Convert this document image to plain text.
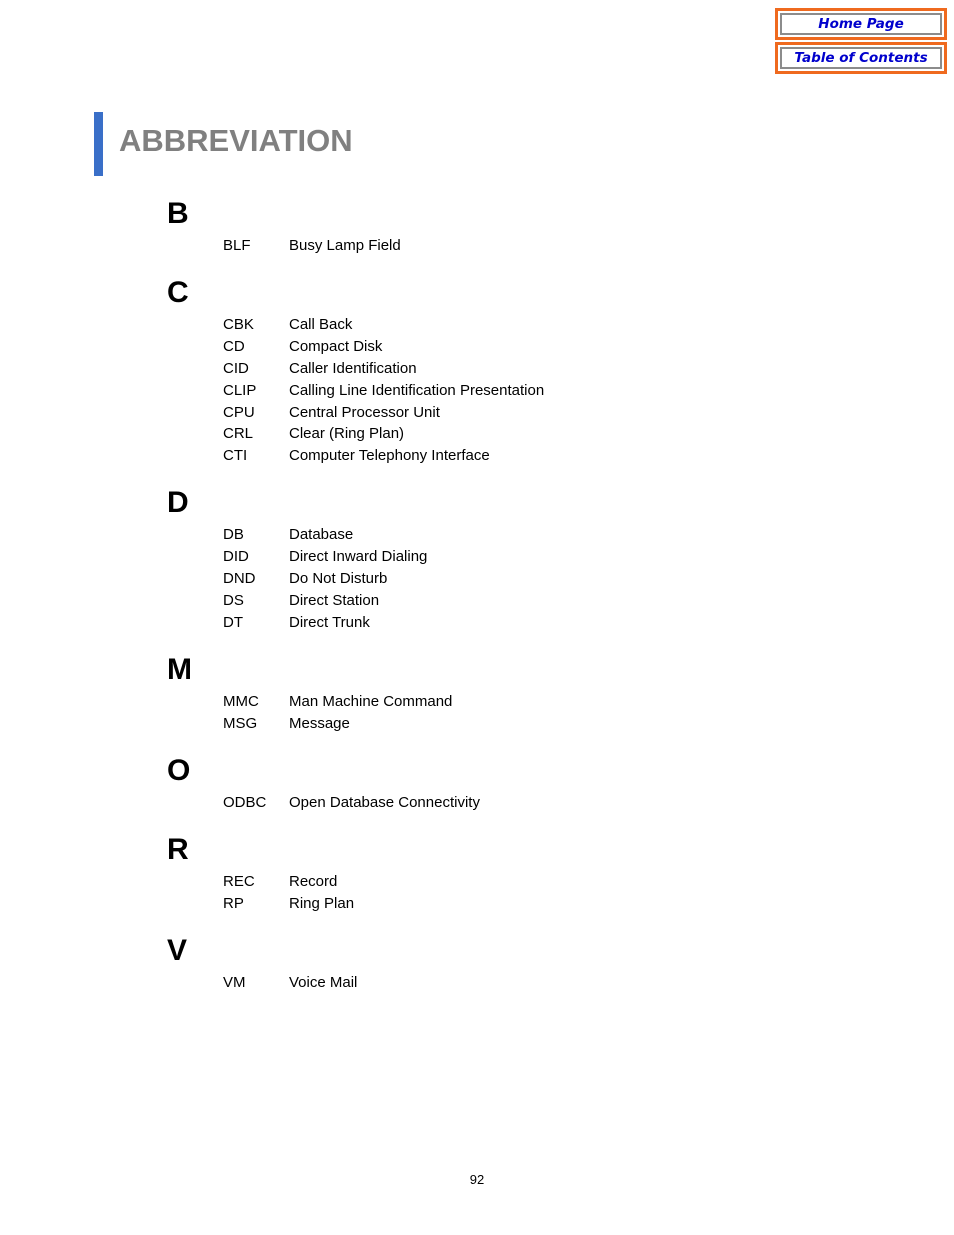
Home Page
Table of Contents
ABBREVIATION
B
BLF	Busy Lamp Field
C
CBK Call Back
CD	Compact Disk
CID	Caller Identification
CLIP Calling Line Identification Presentation
CPU Central Processor Unit
CRL Clear (Ring Plan)
CTI	Computer Telephony Interface
D
DB	Database
DID	Direct Inward Dialing
DND Do Not Disturb
DS	Direct Station
DT	Direct Trunk
M
MMC Man Machine Command
MSG Message
O
ODBC Open Database Connectivity
R
REC Record
RP	Ring Plan
V
VM	Voice Mail
92
